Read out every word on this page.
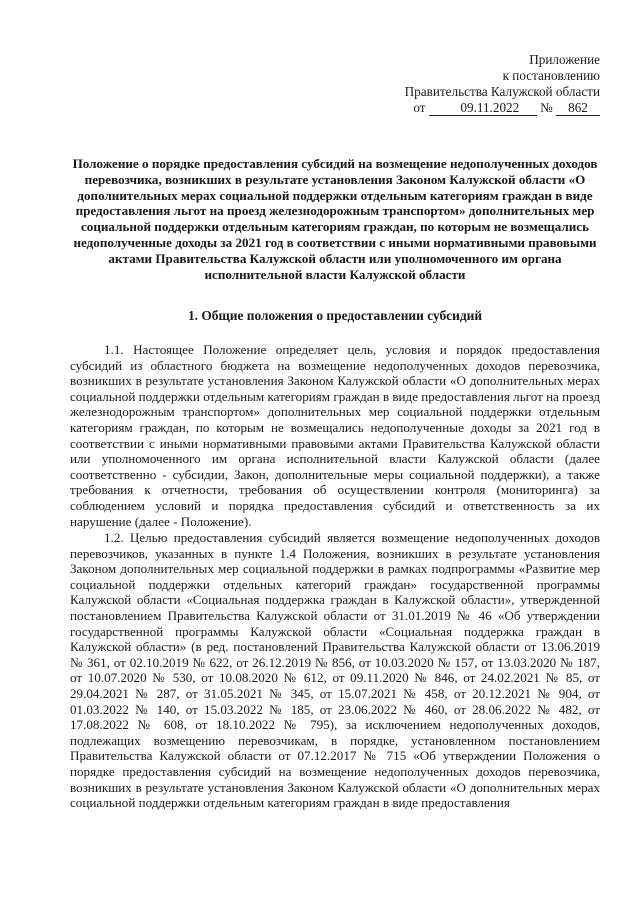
Приложение
к постановлению
Правительства Калужской области
от	09.11.2022 № 862
Положение о порядке предоставления субсидий на возмещение недополученных доходов перевозчика, возникших в результате установления Законом Калужской области «О дополнительных мерах социальной поддержки отдельным категориям граждан в виде предоставления льгот на проезд железнодорожным транспортом» дополнительных мер социальной поддержки отдельным категориям граждан, по которым не возмещались недополученные доходы за 2021 год в соответствии с иными нормативными правовыми актами Правительства Калужской области или уполномоченного им органа исполнительной власти Калужской области
1. Общие положения о предоставлении субсидий

1.1. Настоящее Положение определяет цель, условия и порядок предоставления субсидий из областного бюджета на возмещение недополученных доходов перевозчика, возникших в результате установления Законом Калужской области «О дополнительных мерах социальной поддержки отдельным категориям граждан в виде предоставления льгот на проезд железнодорожным транспортом» дополнительных мер социальной поддержки отдельным категориям граждан, по которым не возмещались недополученные доходы за 2021 год в соответствии с иными нормативными правовыми актами Правительства Калужской области или уполномоченного им органа исполнительной власти Калужской области (далее соответственно - субсидии, Закон, дополнительные меры социальной поддержки), а также требования к отчетности, требования об осуществлении контроля (мониторинга) за соблюдением условий и порядка предоставления субсидий и ответственность за их нарушение (далее - Положение).

1.2. Целью предоставления субсидий является возмещение недополученных доходов перевозчиков, указанных в пункте 1.4 Положения, возникших в результате установления Законом дополнительных мер социальной поддержки в рамках подпрограммы «Развитие мер социальной поддержки отдельных категорий граждан» государственной программы Калужской области «Социальная поддержка граждан в Калужской области», утвержденной постановлением Правительства Калужской области от 31.01.2019 № 46 «Об утверждении государственной программы Калужской области «Социальная поддержка граждан в Калужской области» (в ред. постановлений Правительства Калужской области от 13.06.2019 № 361, от 02.10.2019 № 622, от 26.12.2019 № 856, от 10.03.2020 № 157, от 13.03.2020 № 187, от 10.07.2020 № 530, от 10.08.2020 № 612, от 09.11.2020 № 846, от 24.02.2021 № 85, от 29.04.2021 № 287, от 31.05.2021 № 345, от 15.07.2021 № 458, от 20.12.2021 № 904, от 01.03.2022 № 140, от 15.03.2022 № 185, от 23.06.2022 № 460, от 28.06.2022 № 482, от 17.08.2022 № 608, от 18.10.2022 № 795), за исключением недополученных доходов, подлежащих возмещению перевозчикам, в порядке, установленном постановлением Правительства Калужской области от 07.12.2017 № 715 «Об утверждении Положения о порядке предоставления субсидий на возмещение недополученных доходов перевозчика, возникших в результате установления Законом Калужской области «О дополнительных мерах социальной поддержки отдельным категориям граждан в виде предоставления
